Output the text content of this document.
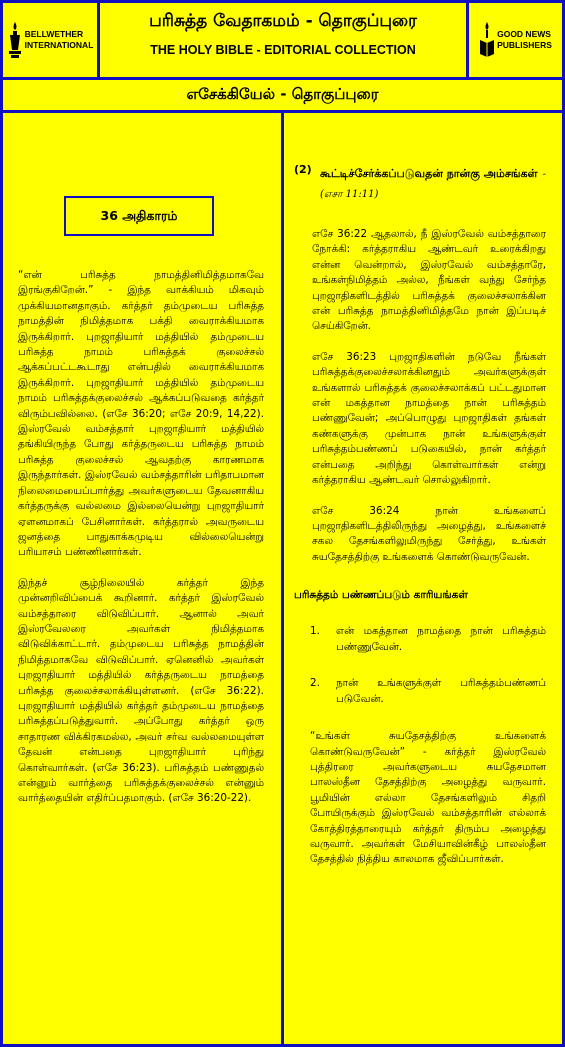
BELLWETHER
INTERNATIONAL
பரிசுத்த வேதாகமம் - தொகுப்புரை
THE HOLY BIBLE - EDITORIAL COLLECTION
GOOD NEWS
PUBLISHERS
எசேக்கியேல் - தொகுப்புரை
36 அதிகாரம்

“என் பரிசுத்த நாமத்தினிமித்தமாகவே இரங்குகிறேன்.” - இந்த வாக்கியம் மிகவும் முக்கியமானதாகும். கர்த்தர் தம்முடைய பரிசுத்த நாமத்தின் நிமித்தமாக பக்தி வைராக்கியமாக இருக்கிறார். புறஜாதியார் மத்தியில் தம்முடைய பரிசுத்த நாமம் பரிசுத்தக் குலைச்சல் ஆக்கப்பட்டகூடாது என்பதில் வைராக்கியமாக இருக்கிறார். புறஜாதியார் மத்தியில் தம்முடைய நாமம் பரிசுத்தக்குலைச்சல் ஆக்கப்படுவதை கர்த்தர் விரும்பவில்லை. (எசே 36:20; எசே 20:9, 14,22). இஸ்ரவேல் வம்சத்தார் புறஜாதியார் மத்தியில் தங்கியிருந்த போது கர்த்தருடைய பரிசுத்த நாமம் பரிசுத்த குலைச்சல் ஆவதற்கு காரணமாக இருந்தார்கள். இஸ்ரவேல் வம்சத்தாரின் பரிதாபமான நிலைமையைப்பார்த்து அவர்களுடைய தேவனாகிய கர்த்தருக்கு வல்லமை இல்லையென்று புறஜாதியார் ஏளனமாகப் பேசினார்கள். கர்த்தரால் அவருடைய ஜனத்தை பாதுகாக்கமுடிய வில்லையென்று பரியாசம் பண்ணினார்கள்.

இந்தச் சூழ்நிலையில் கர்த்தர் இந்த முன்னறிவிப்பைக் கூறினார். கர்த்தர் இஸ்ரவேல் வம்சத்தாரை விடுவிப்பார். ஆனால் அவர் இஸ்ரவேலரை அவர்கள் நிமித்தமாக விடுவிக்காட்டார். தம்முடைய பரிசுத்த நாமத்தின் நிமித்தமாகவே விடுவிப்பார். ஏனெனில் அவர்கள் புறஜாதியார் மத்தியில் கர்த்தருடைய நாமத்தை பரிசுத்த குலைச்சலாக்கியுள்ளனர். (எசே 36:22). புறஜாதியார் மத்தியில் கர்த்தர் தம்முடைய நாமத்தை பரிசுத்தப்படுத்துவார். அப்போது கர்த்தர் ஒரு சாதாரண விக்கிரகமல்ல, அவர் சர்வ வல்லமையுள்ள தேவன் என்பதை புறஜாதியார் புரிந்து கொள்வார்கள். (எசே 36:23). பரிசுத்தம் பண்ணுதல் என்னும் வார்த்தை பரிசுத்தக்குலைச்சல் என்னும் வார்த்தையின் எதிர்ப்பதமாகும். (எசே 36:20-22).

(2) கூட்டிச்சேர்க்கப்படுவதன் நான்கு அம்சங்கள் - (எசா 11:11)

எசே 36:22 ஆதலால், நீ இஸ்ரவேல் வம்சத்தாரை நோக்கி: கர்த்தராகிய ஆண்டவர் உரைக்கிறது என்ன வென்றால், இஸ்ரவேல் வம்சத்தாரே, உங்கள்நிமித்தம் அல்ல, நீங்கள் வந்து சேர்ந்த புறஜாதிகளிடத்தில் பரிசுத்தக் குலைச்சலாக்கின என் பரிசுத்த நாமத்தினிமித்தமே நான் இப்படிச் செய்கிறேன்.

எசே 36:23 புறஜாதிகளின் நடுவே நீங்கள் பரிசுத்தக்குலைச்சலாக்கினதும் அவர்களுக்குள் உங்களால் பரிசுத்தக் குலைச்சலாக்கப் பட்டதுமான என் மகத்தான நாமத்தை நான் பரிசுத்தம் பண்ணுவேன்; அப்பொழுது புறஜாதிகள் தங்கள் கண்களுக்கு முன்பாக நான் உங்களுக்குள் பரிசுத்தம்பண்ணப் படுகையில், நான் கர்த்தர் என்பதை அறிந்து கொள்வார்கள் என்று கர்த்தராகிய ஆண்டவர் சொல்லுகிறார்.

எசே 36:24 நான் உங்களைப் புறஜாதிகளிடத்திலிருந்து அழைத்து, உங்களைச் சகல தேசங்களிலுமிருந்து சேர்த்து, உங்கள் சுயதேசத்திற்கு உங்களைக் கொண்டுவருவேன்.

பரிசுத்தம் பண்ணப்படும் காரியங்கள்

1.	என் மகத்தான நாமத்தை நான் பரிசுத்தம் பண்ணுவேன்.
2.	நான் உங்களுக்குள் பரிசுத்தம்பண்ணப் படுவேன்.

“உங்கள் சுயதேசத்திற்கு உங்களைக் கொண்டுவருவேன்” - கர்த்தர் இஸ்ரவேல் புத்திரரை அவர்களுடைய சுயதேசமான பாலஸ்தீன தேசத்திற்கு அழைத்து வருவார். பூமியின் எல்லா தேசங்களிலும் சிதறி போயிருக்கும் இஸ்ரவேல் வம்சத்தாரின் எல்லாக் கோத்திரத்தாரையும் கர்த்தர் திரும்ப அழைத்து வருவார். அவர்கள் மேசியாவின்கீழ் பாலஸ்தீன தேசத்தில் நித்திய காலமாக ஜீவிப்பார்கள்.
